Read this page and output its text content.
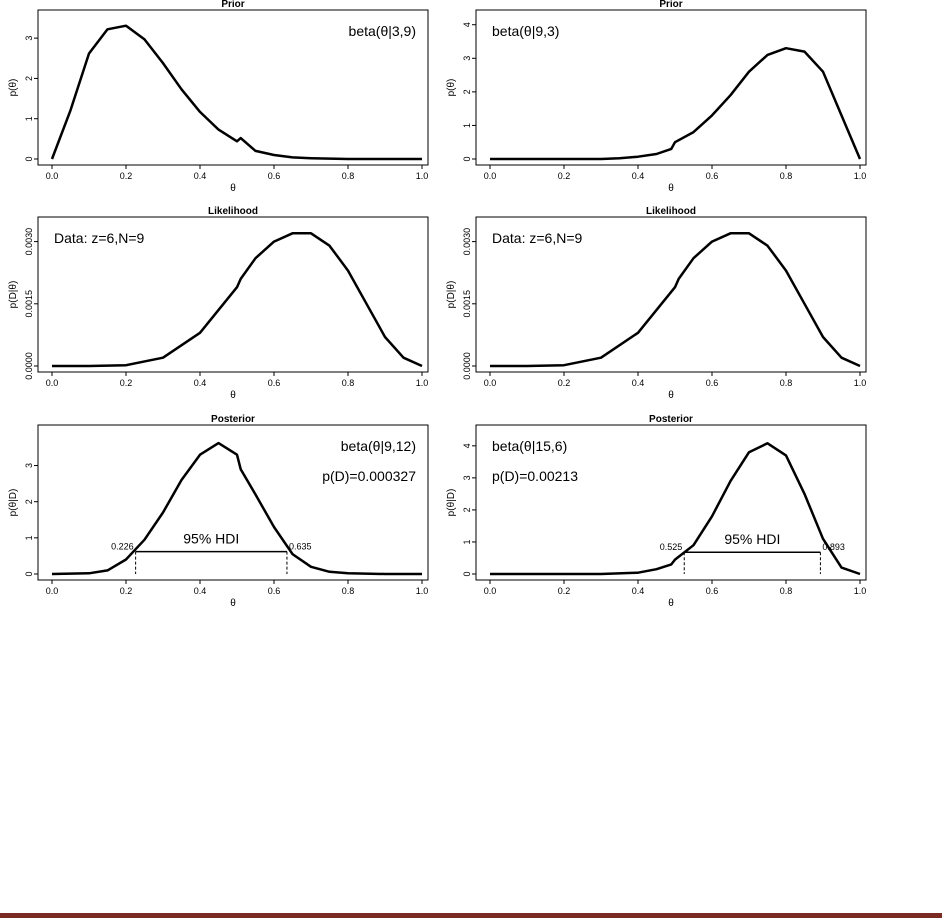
Prior
0.0	0.2	0.4	0.6	0.8	1.0
θ
0
1
2
3
p(θ)
beta(θ|3,9)
Prior
0.0	0.2	0.4	0.6	0.8	1.0
θ
0
1
2
3
4
p(θ)
beta(θ|9,3)
Likelihood
0.0	0.2	0.4	0.6	0.8	1.0
θ
0.0000
0.0015
0.0030
p(D|θ)
Data: z=6,N=9
Likelihood
0.0	0.2	0.4	0.6	0.8	1.0
θ
0.0000
0.0015
0.0030
p(D|θ)
Data: z=6,N=9
Posterior
0.0	0.2	0.4	0.6	0.8	1.0
θ
0
1
2
3
p(θ|D)
beta(θ|9,12)
p(D)=0.000327
95% HDI
0.226	0.635
Posterior
0.0	0.2	0.4	0.6	0.8	1.0
θ
0
1
2
3
4
p(θ|D)
beta(θ|15,6)
p(D)=0.00213
95% HDI
0.525	0.893
